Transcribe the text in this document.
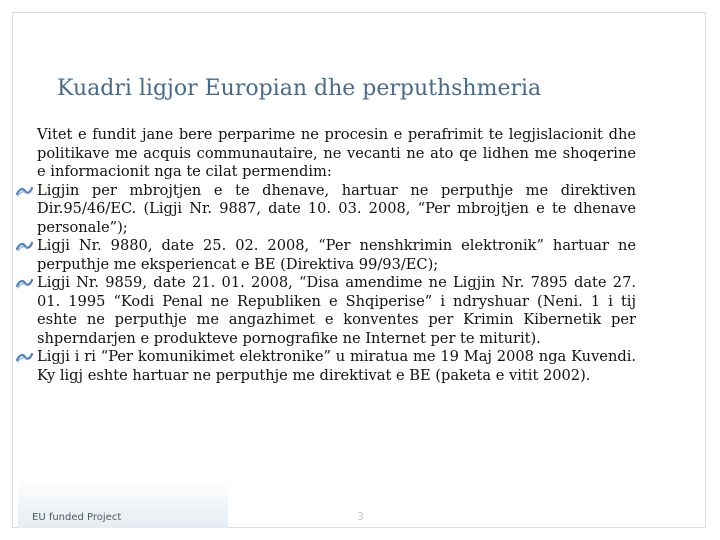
Kuadri ligjor Europian dhe perputhshmeria

Vitet e fundit jane bere perparime ne procesin e perafrimit te legjislacionit dhe politikave me acquis communautaire, ne vecanti ne ato qe lidhen me shoqerine e informacionit nga te cilat permendim:

Ligjin per mbrojtjen e te dhenave, hartuar ne perputhje me direktiven Dir.95/46/EC. (Ligji Nr. 9887, date 10. 03. 2008, “Per mbrojtjen e te dhenave personale”);
Ligji Nr. 9880, date 25. 02. 2008, “Per nenshkrimin elektronik” hartuar ne perputhje me eksperiencat e BE (Direktiva 99/93/EC);
Ligji Nr. 9859, date 21. 01. 2008, “Disa amendime ne Ligjin Nr. 7895 date 27. 01. 1995 “Kodi Penal ne Republiken e Shqiperise” i ndryshuar (Neni. 1 i tij eshte ne perputhje me angazhimet e konventes per Krimin Kibernetik per shperndarjen e produkteve pornografike ne Internet per te miturit).
Ligji i ri “Per komunikimet elektronike” u miratua me 19 Maj 2008 nga Kuvendi. Ky ligj eshte hartuar ne perputhje me direktivat e BE (paketa e vitit 2002).
EU funded Project	3
